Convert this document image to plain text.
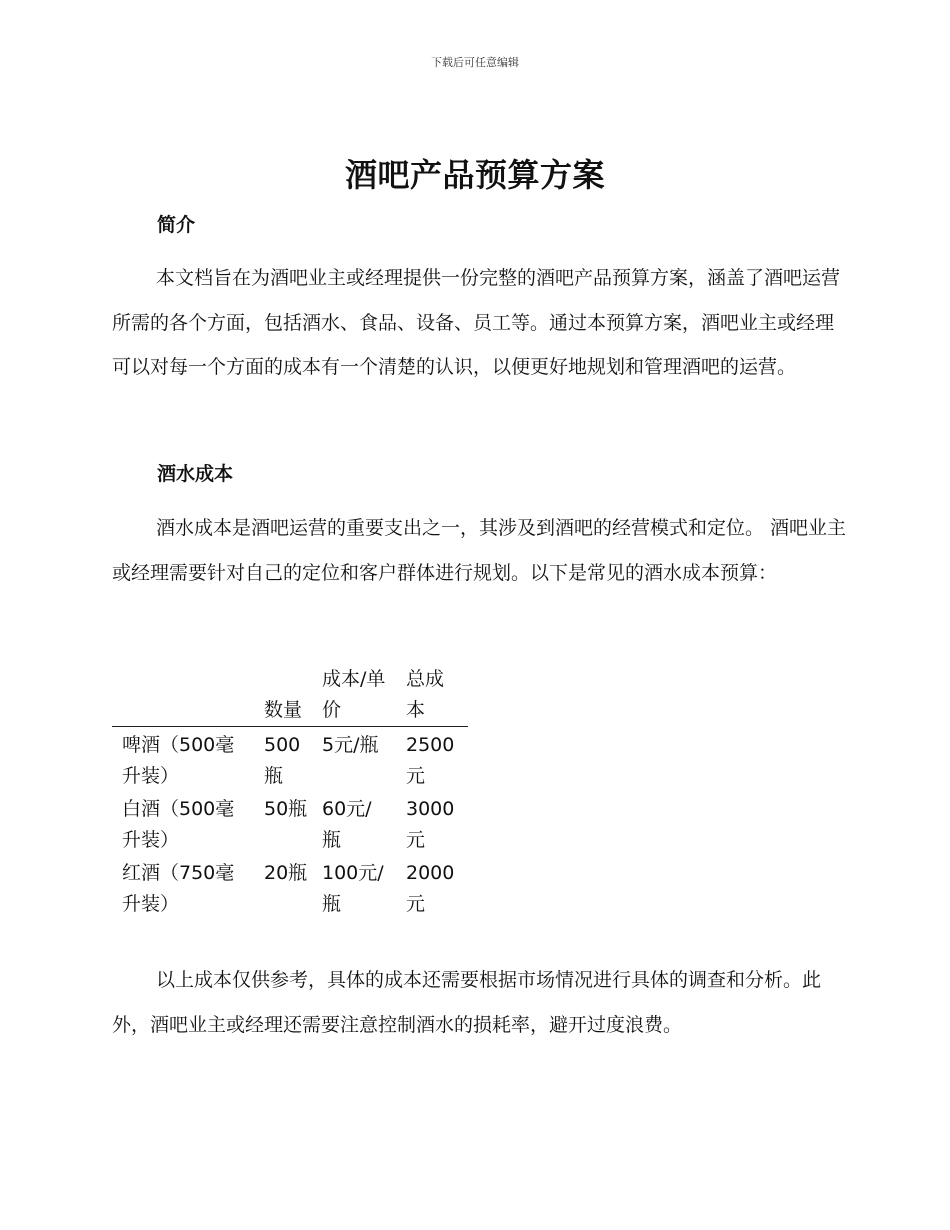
下载后可任意编辑
酒吧产品预算方案
简介
本文档旨在为酒吧业主或经理提供一份完整的酒吧产品预算方案，涵盖了酒吧运营所需的各个方面，包括酒水、食品、设备、员工等。通过本预算方案，酒吧业主或经理可以对每一个方面的成本有一个清楚的认识，以便更好地规划和管理酒吧的运营。
酒水成本
酒水成本是酒吧运营的重要支出之一，其涉及到酒吧的经营模式和定位。 酒吧业主或经理需要针对自己的定位和客户群体进行规划。以下是常见的酒水成本预算：

	数量	成本/单价	总成本

啤酒（500毫升装）	500瓶	5元/瓶	2500元

白酒（500毫升装）	50瓶	60元/瓶	3000元

红酒（750毫升装）	20瓶	100元/瓶	2000元
以上成本仅供参考，具体的成本还需要根据市场情况进行具体的调查和分析。此外，酒吧业主或经理还需要注意控制酒水的损耗率，避开过度浪费。
